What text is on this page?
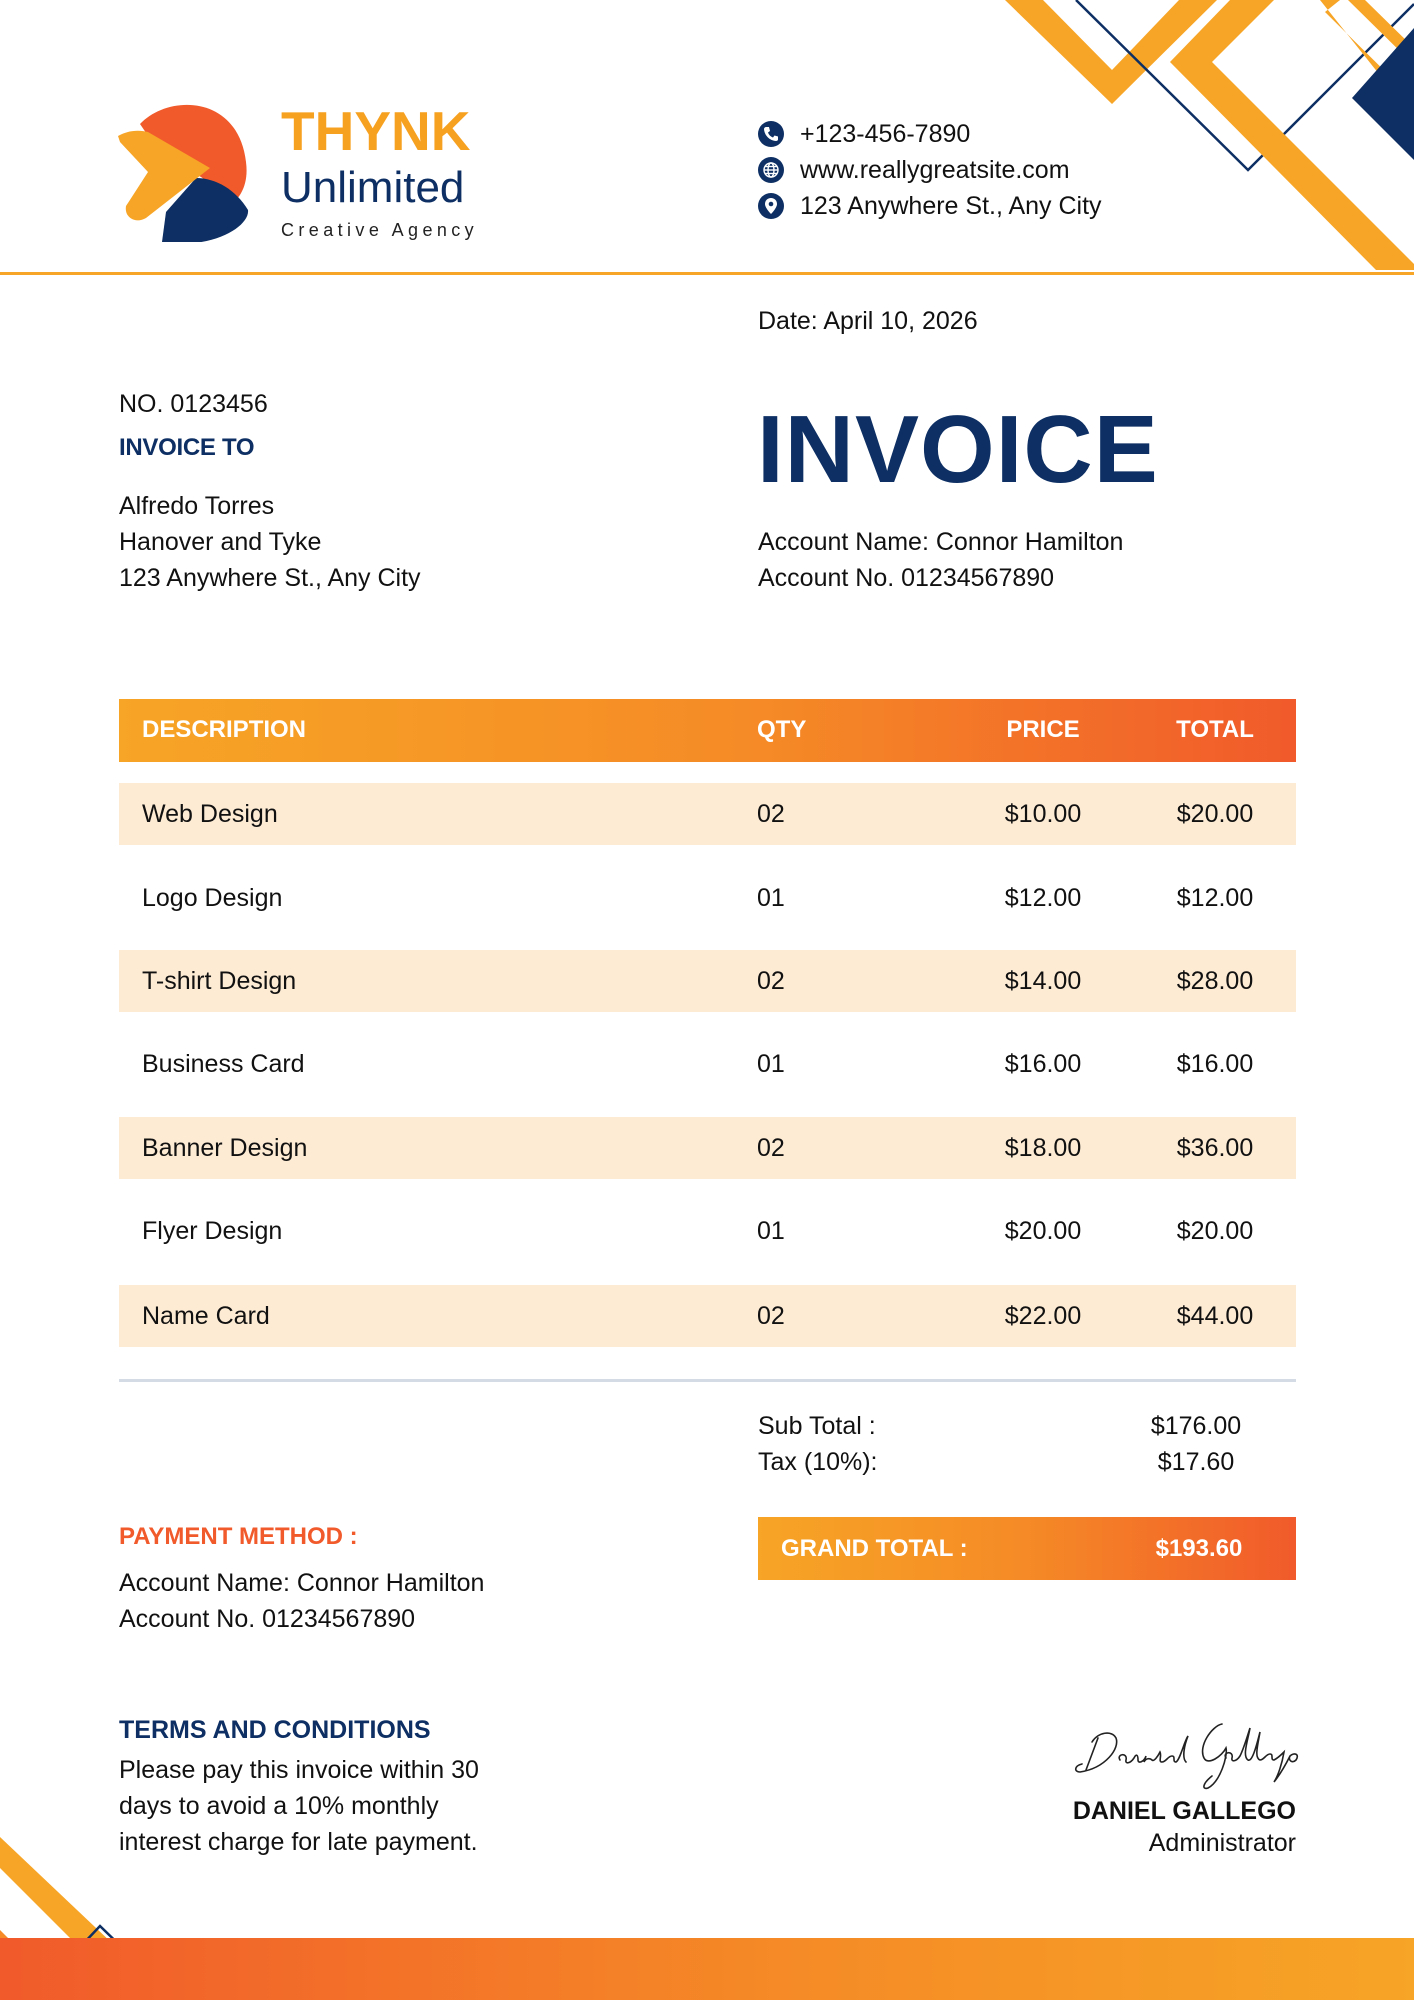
THYNK
Unlimited
Creative Agency
+123-456-7890
www.reallygreatsite.com
123 Anywhere St., Any City
Date: April 10, 2026
NO. 0123456
INVOICE TO
Alfredo Torres
Hanover and Tyke
123 Anywhere St., Any City
INVOICE
Account Name: Connor Hamilton
Account No. 01234567890
DESCRIPTION	QTY	PRICE	TOTAL
Web Design	02	$10.00	$20.00
Logo Design	01	$12.00	$12.00
T-shirt Design	02	$14.00	$28.00
Business Card	01	$16.00	$16.00
Banner Design	02	$18.00	$36.00
Flyer Design	01	$20.00	$20.00
Name Card	02	$22.00	$44.00
Sub Total :	$176.00
Tax (10%):	$17.60
GRAND TOTAL :	$193.60
PAYMENT METHOD :
Account Name: Connor Hamilton
Account No. 01234567890
TERMS AND CONDITIONS
Please pay this invoice within 30
days to avoid a 10% monthly
interest charge for late payment.
DANIEL GALLEGO
Administrator
